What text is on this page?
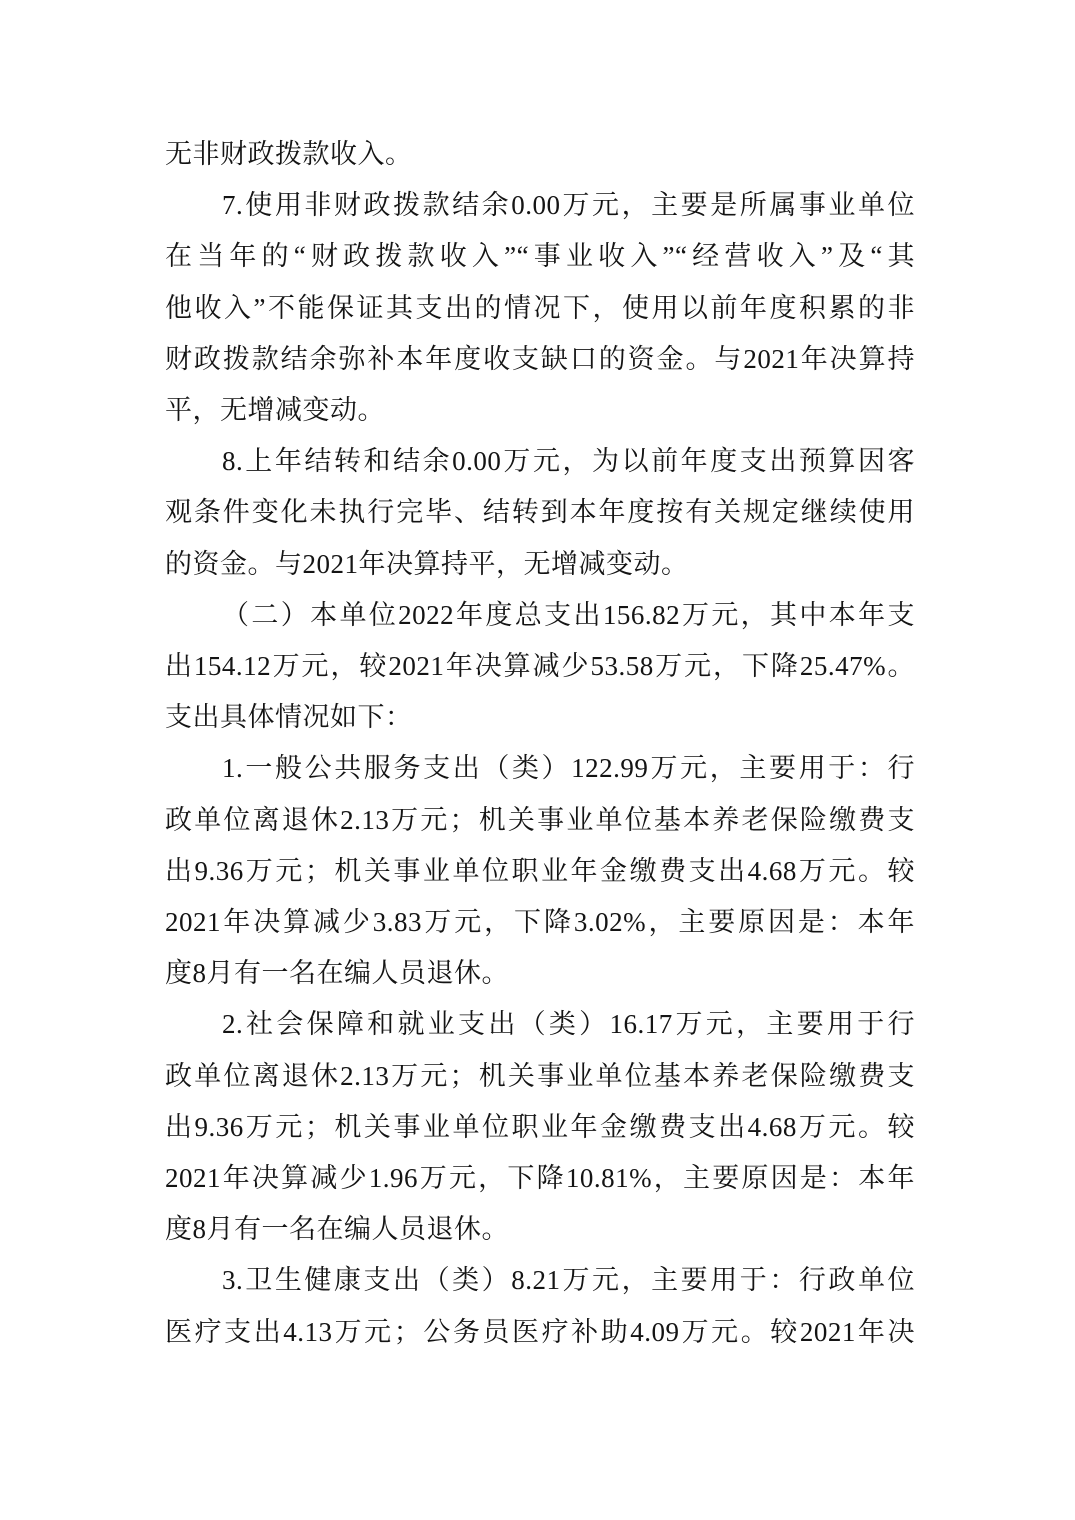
无非财政拨款收入。
7.使用非财政拨款结余0.00万元，主要是所属事业单位
在当年的“财政拨款收入”“事业收入”“经营收入”及“其
他收入”不能保证其支出的情况下，使用以前年度积累的非
财政拨款结余弥补本年度收支缺口的资金。与2021年决算持
平，无增减变动。
8.上年结转和结余0.00万元，为以前年度支出预算因客
观条件变化未执行完毕、结转到本年度按有关规定继续使用
的资金。与2021年决算持平，无增减变动。
（二）本单位2022年度总支出156.82万元，其中本年支
出154.12万元，较2021年决算减少53.58万元，下降25.47%。
支出具体情况如下：
1.一般公共服务支出（类）122.99万元，主要用于：行
政单位离退休2.13万元；机关事业单位基本养老保险缴费支
出9.36万元；机关事业单位职业年金缴费支出4.68万元。较
2021年决算减少3.83万元，下降3.02%，主要原因是：本年
度8月有一名在编人员退休。
2.社会保障和就业支出（类）16.17万元，主要用于行
政单位离退休2.13万元；机关事业单位基本养老保险缴费支
出9.36万元；机关事业单位职业年金缴费支出4.68万元。较
2021年决算减少1.96万元，下降10.81%，主要原因是：本年
度8月有一名在编人员退休。
3.卫生健康支出（类）8.21万元，主要用于：行政单位
医疗支出4.13万元；公务员医疗补助4.09万元。较2021年决
